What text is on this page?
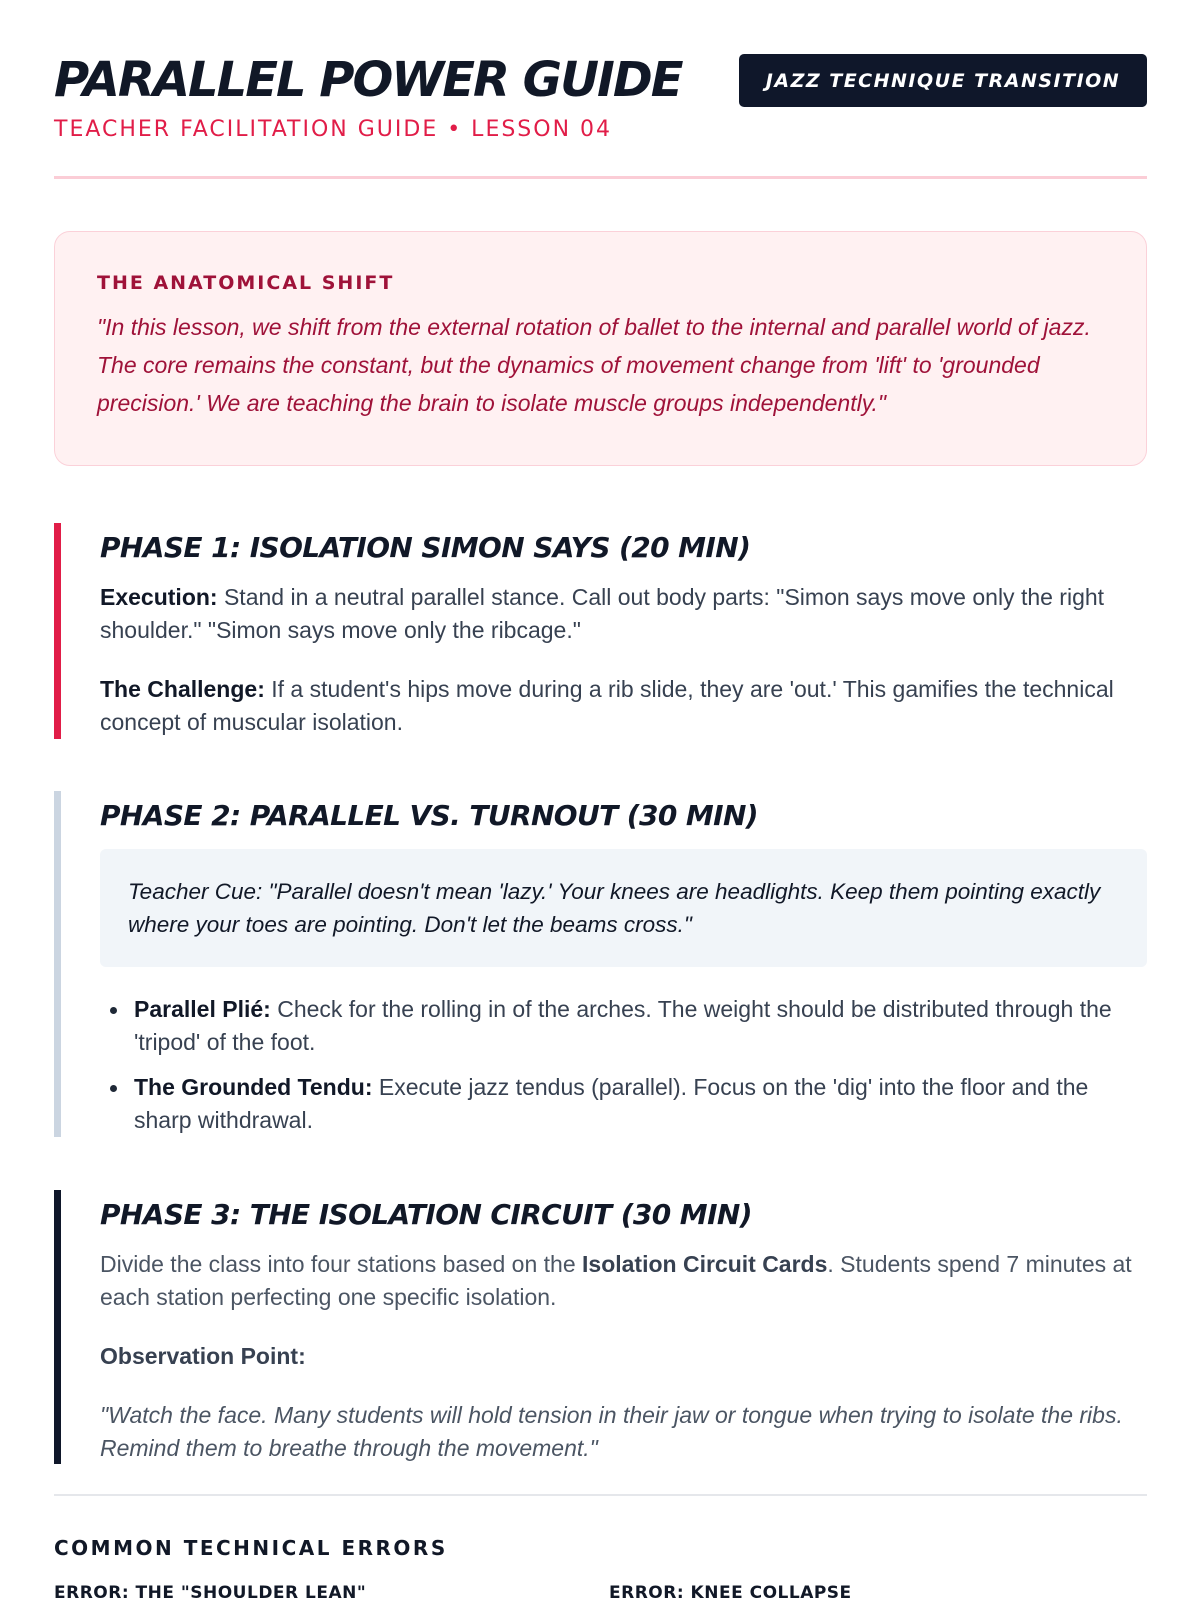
PARALLEL POWER GUIDE
TEACHER FACILITATION GUIDE • LESSON 04
JAZZ TECHNIQUE TRANSITION
THE ANATOMICAL SHIFT

"In this lesson, we shift from the external rotation of ballet to the internal and parallel world of jazz. The core remains the constant, but the dynamics of movement change from 'lift' to 'grounded precision.' We are teaching the brain to isolate muscle groups independently."

PHASE 1: ISOLATION SIMON SAYS (20 MIN)

Execution: Stand in a neutral parallel stance. Call out body parts: "Simon says move only the right shoulder." "Simon says move only the ribcage."

The Challenge: If a student's hips move during a rib slide, they are 'out.' This gamifies the technical concept of muscular isolation.

PHASE 2: PARALLEL VS. TURNOUT (30 MIN)
Teacher Cue: "Parallel doesn't mean 'lazy.' Your knees are headlights. Keep them pointing exactly where your toes are pointing. Don't let the beams cross."
Parallel Plié: Check for the rolling in of the arches. The weight should be distributed through the 'tripod' of the foot.
The Grounded Tendu: Execute jazz tendus (parallel). Focus on the 'dig' into the floor and the sharp withdrawal.
PHASE 3: THE ISOLATION CIRCUIT (30 MIN)

Divide the class into four stations based on the Isolation Circuit Cards. Students spend 7 minutes at each station perfecting one specific isolation.

Observation Point:

"Watch the face. Many students will hold tension in their jaw or tongue when trying to isolate the ribs. Remind them to breathe through the movement."

COMMON TECHNICAL ERRORS
ERROR: THE "SHOULDER LEAN"	ERROR: KNEE COLLAPSE
